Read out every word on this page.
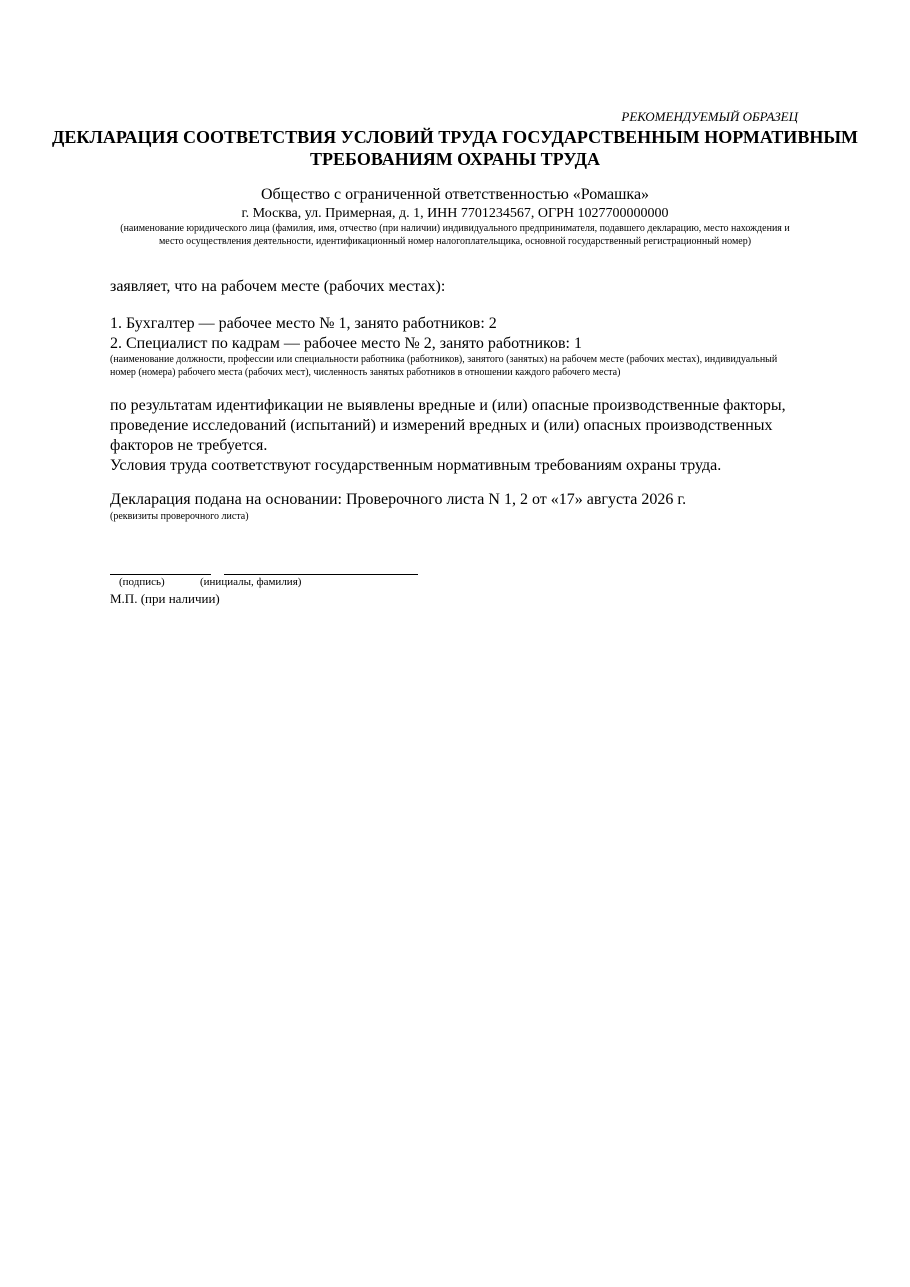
РЕКОМЕНДУЕМЫЙ ОБРАЗЕЦ
ДЕКЛАРАЦИЯ СООТВЕТСТВИЯ УСЛОВИЙ ТРУДА ГОСУДАРСТВЕННЫМ НОРМАТИВНЫМ ТРЕБОВАНИЯМ ОХРАНЫ ТРУДА
Общество с ограниченной ответственностью «Ромашка»
г. Москва, ул. Примерная, д. 1, ИНН 7701234567, ОГРН 1027700000000
(наименование юридического лица (фамилия, имя, отчество (при наличии) индивидуального предпринимателя, подавшего декларацию, место нахождения и место осуществления деятельности, идентификационный номер налогоплательщика, основной государственный регистрационный номер)
заявляет, что на рабочем месте (рабочих местах):
1. Бухгалтер — рабочее место № 1, занято работников: 2
2. Специалист по кадрам — рабочее место № 2, занято работников: 1
(наименование должности, профессии или специальности работника (работников), занятого (занятых) на рабочем месте (рабочих местах), индивидуальный номер (номера) рабочего места (рабочих мест), численность занятых работников в отношении каждого рабочего места)

по результатам идентификации не выявлены вредные и (или) опасные производственные факторы, проведение исследований (испытаний) и измерений вредных и (или) опасных производственных факторов не требуется.

Условия труда соответствуют государственным нормативным требованиям охраны труда.

Декларация подана на основании: Проверочного листа N 1, 2 от «17» августа 2026 г.
(реквизиты проверочного листа)
(подпись)	(инициалы, фамилия)
М.П. (при наличии)
